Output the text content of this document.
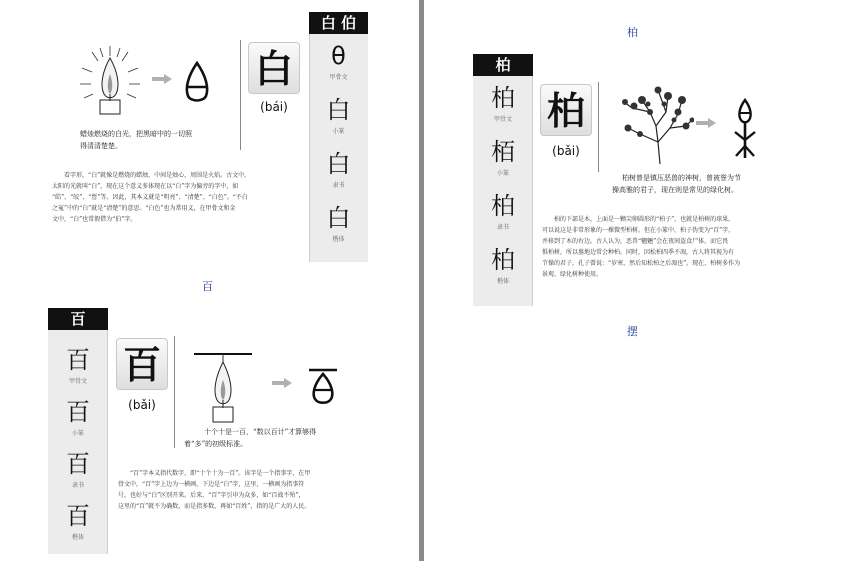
白 伯
θ
甲骨文
白
小篆
白
隶书
白
楷体
白
(bái)
蜡烛燃烧的白光，把黑暗中的一切照
得清清楚楚。
看字形，“白”就像是燃烧的蜡烛，中间是烛心，周围是火焰。古文中，
太阳的光就叫“白”，现在这个意义多体现在以“白”字为偏旁的字中，如
“皓”、“皎”、“皙”等。因此，其本义就是“明亮”、“清楚”、“白色”。“不白
之冤”中的“白”就是“清楚”的意思。“白色”也为常用义，在甲骨文和金
文中，“白”也常假借为“伯”字。
百
百
百
甲骨文
百
小篆
百
隶书
百
楷体
百
(bǎi)
十个十是一百，“数以百计”才算够得
着“多”的初级标准。
“百”字本义指代数字，即“十个十为一百”。该字是一个指事字，在甲
骨文中，“百”字上边为一横画，下边是“白”字，这里，一横画为指事符
号，也好与“白”区别开来。后来，“百”字引申为众多，如“百战不殆”，
这里的“百”就不为确数，而是指多数，再如“百姓”，指的是广大的人民。
柏
柏
柏
甲骨文
栢
小篆
柏
隶书
柏
楷体
柏
(bǎi)
柏树曾是镇压恶兽的神树，曾被誉为节
操高雅的君子，现在则是常见的绿化树。
柏的下部是木，上面是一颗尖卵圆形的“柏子”，也就是柏树的球果。
可以说这是非常形象的一棵微型柏树。但在小篆中，柏子伪变为“百”字，
并移到了木的右边。古人认为，恶兽“魍魉”会在夜间盗食尸体，而它畏
惧柏树，所以墓地边常会种柏。同时，因松柏四季不凋，古人将其视为有
节操的君子，孔子曾说：“岁寒，然后知松柏之后凋也”。现在，柏树多作为
景观、绿化树种使用。
摆
